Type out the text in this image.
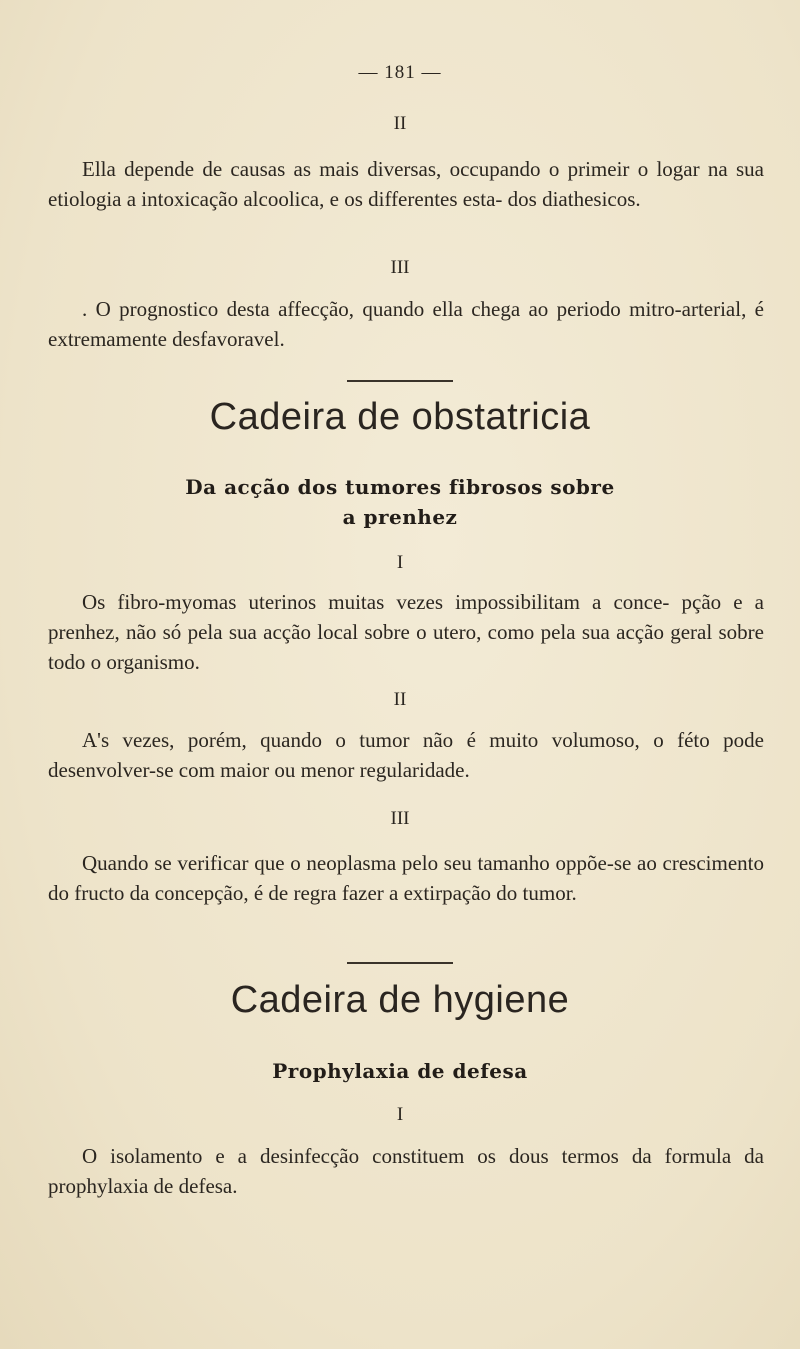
— 181 —
II

Ella depende de causas as mais diversas, occupando o primeir o logar na sua etiologia a intoxicação alcoolica, e os differentes esta- dos diathesicos.

III

. O prognostico desta affecção, quando ella chega ao periodo mitro-arterial, é extremamente desfavoravel.

Cadeira de obstatricia
Da acção dos tumores fibrosos sobre
a prenhez
I

Os fibro-myomas uterinos muitas vezes impossibilitam a conce- pção e a prenhez, não só pela sua acção local sobre o utero, como pela sua acção geral sobre todo o organismo.

II

A's vezes, porém, quando o tumor não é muito volumoso, o féto pode desenvolver-se com maior ou menor regularidade.

III

Quando se verificar que o neoplasma pelo seu tamanho oppõe-se ao crescimento do fructo da concepção, é de regra fazer a extirpação do tumor.

Cadeira de hygiene
Prophylaxia de defesa
I

O isolamento e a desinfecção constituem os dous termos da formula da prophylaxia de defesa.
